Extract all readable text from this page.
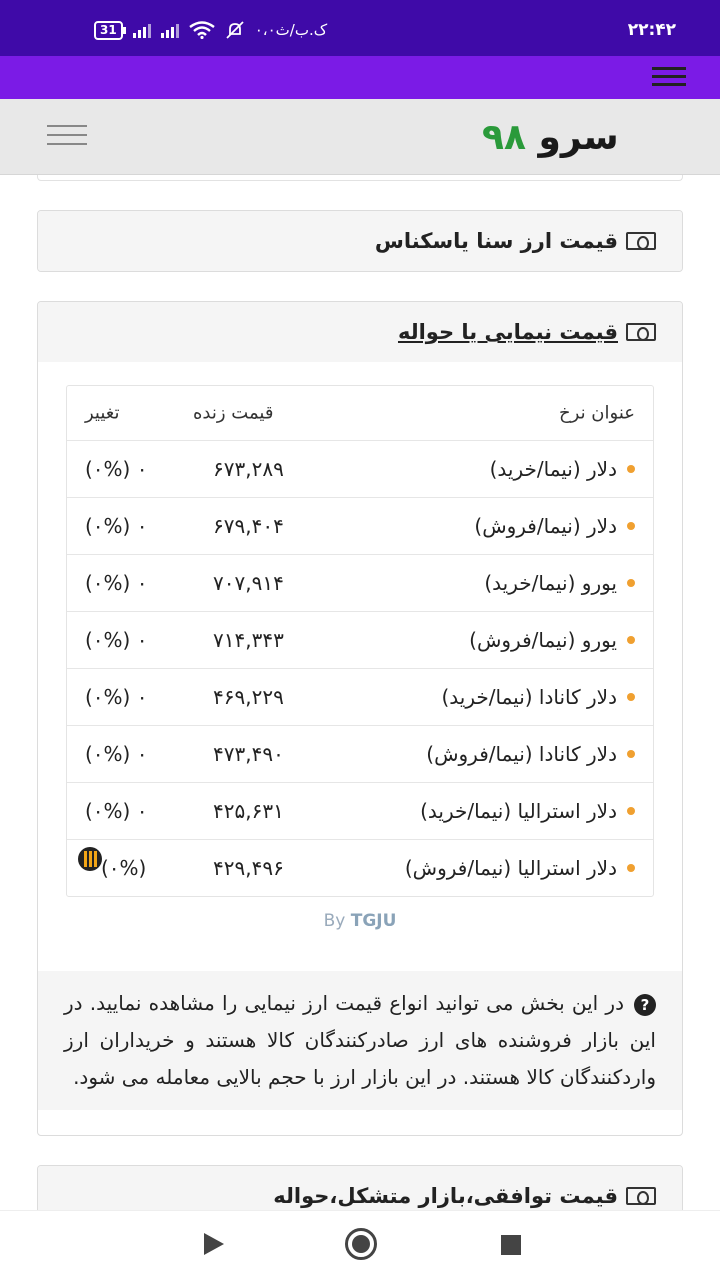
31	۰،۰ک.ب/ث	۲۲:۴۲
سرو ۹۸
قیمت ارز سنا یاسکناس
قیمت نیمایی یا حواله
عنوان نرخ
قیمت زنده
تغییر
دلار (نیما/خرید)
۶۷۳,۲۸۹
(۰%) ۰
دلار (نیما/فروش)
۶۷۹,۴۰۴
(۰%) ۰
یورو (نیما/خرید)
۷۰۷,۹۱۴
(۰%) ۰
یورو (نیما/فروش)
۷۱۴,۳۴۳
(۰%) ۰
دلار کانادا (نیما/خرید)
۴۶۹,۲۲۹
(۰%) ۰
دلار کانادا (نیما/فروش)
۴۷۳,۴۹۰
(۰%) ۰
دلار استرالیا (نیما/خرید)
۴۲۵,۶۳۱
(۰%) ۰
دلار استرالیا (نیما/فروش)
۴۲۹,۴۹۶
(۰%)
By TGJU
?در این بخش می توانید انواع قیمت ارز نیمایی را مشاهده نمایید. در این بازار فروشنده های ارز صادرکنندگان کالا هستند و خریداران ارز واردکنندگان کالا هستند. در این بازار ارز با حجم بالایی معامله می شود.
قیمت توافقی،بازار متشکل،حواله
